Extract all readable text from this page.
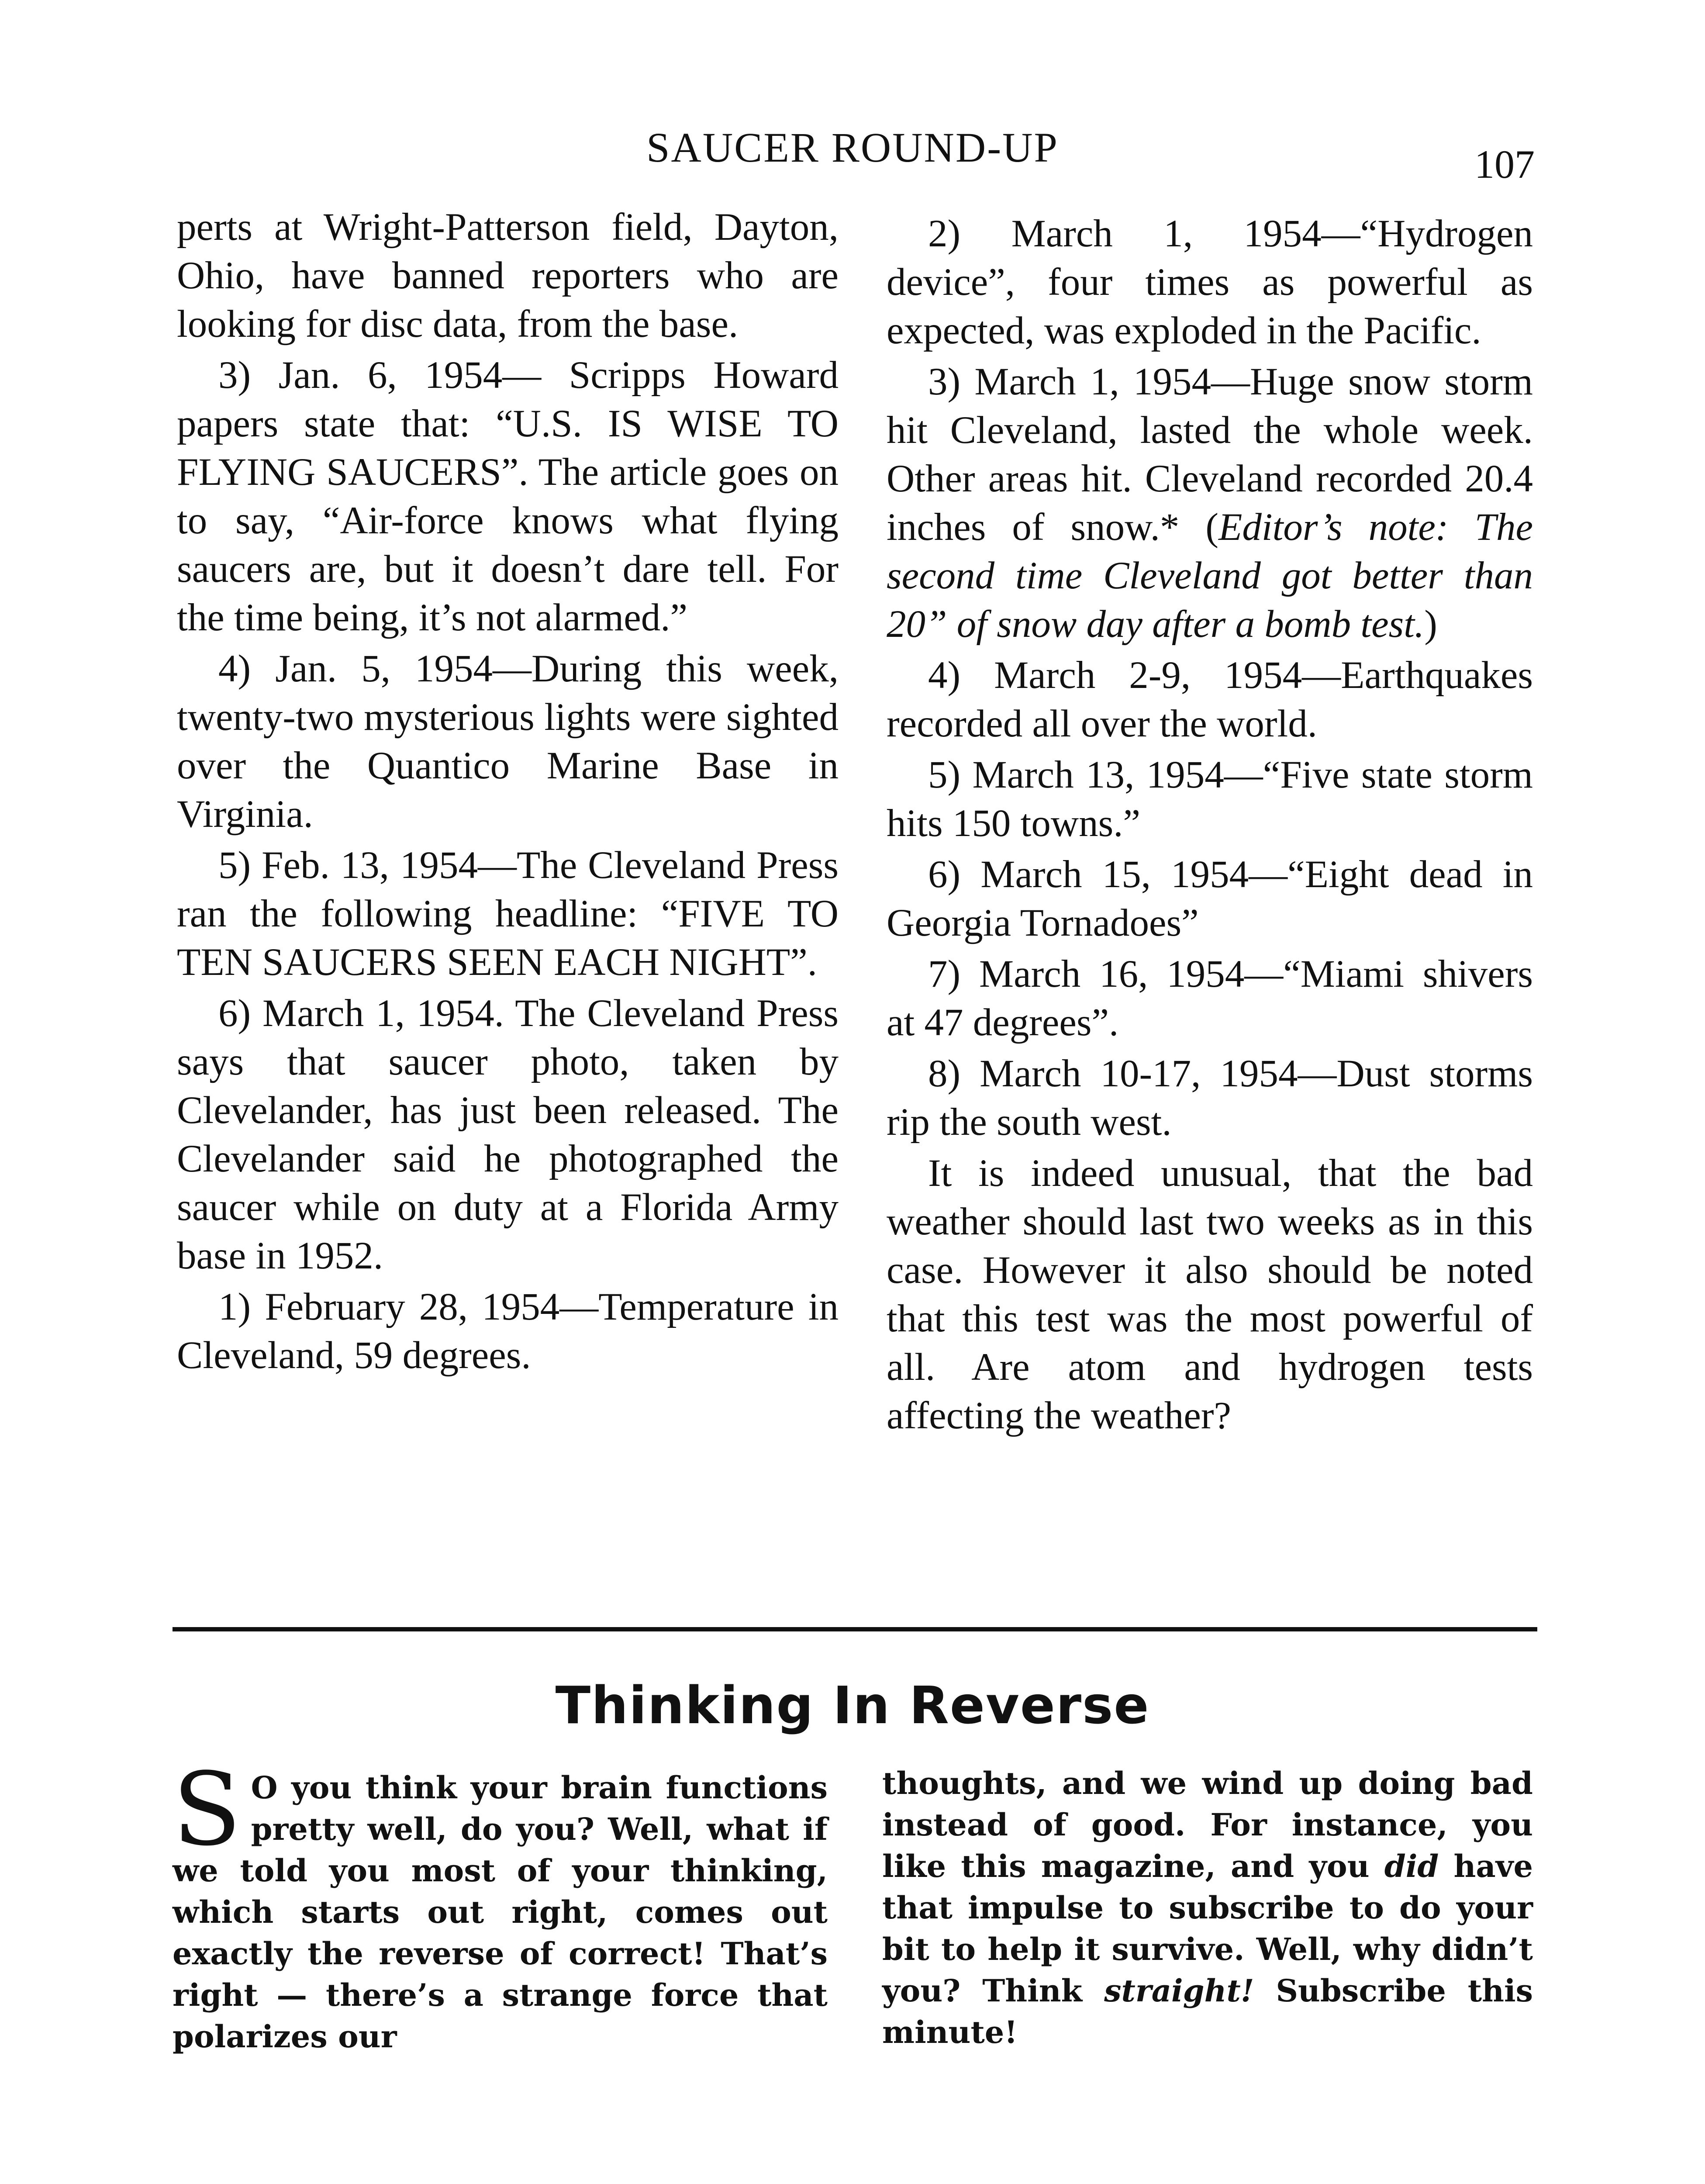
SAUCER ROUND-UP	107

perts at Wright-Patterson field, Dayton, Ohio, have banned reporters who are looking for disc data, from the base.

3) Jan. 6, 1954— Scripps Howard papers state that: “U.S. IS WISE TO FLYING SAUCERS”. The article goes on to say, “Air-force knows what flying saucers are, but it doesn’t dare tell. For the time being, it’s not alarmed.”

4) Jan. 5, 1954—During this week, twenty-two mysterious lights were sighted over the Quantico Marine Base in Virginia.

5) Feb. 13, 1954—The Cleveland Press ran the following headline: “FIVE TO TEN SAUCERS SEEN EACH NIGHT”.

6) March 1, 1954. The Cleveland Press says that saucer photo, taken by Clevelander, has just been released. The Clevelander said he photographed the saucer while on duty at a Florida Army base in 1952.

1) February 28, 1954—Temperature in Cleveland, 59 degrees.

2) March 1, 1954—“Hydrogen device”, four times as powerful as expected, was exploded in the Pacific.

3) March 1, 1954—Huge snow storm hit Cleveland, lasted the whole week. Other areas hit. Cleveland recorded 20.4 inches of snow.* (Editor’s note: The second time Cleveland got better than 20” of snow day after a bomb test.)

4) March 2-9, 1954—Earthquakes recorded all over the world.

5) March 13, 1954—“Five state storm hits 150 towns.”

6) March 15, 1954—“Eight dead in Georgia Tornadoes”

7) March 16, 1954—“Miami shivers at 47 degrees”.

8) March 10-17, 1954—Dust storms rip the south west.

It is indeed unusual, that the bad weather should last two weeks as in this case. However it also should be noted that this test was the most powerful of all. Are atom and hydrogen tests affecting the weather?

Thinking In Reverse
S O you think your brain functions pretty well, do you? Well, what if we told you most of your thinking, which starts out right, comes out exactly the reverse of correct! That’s right — there’s a strange force that polarizes our
thoughts, and we wind up doing bad instead of good. For instance, you like this magazine, and you did have that impulse to subscribe to do your bit to help it survive. Well, why didn’t you? Think straight! Subscribe this minute!
